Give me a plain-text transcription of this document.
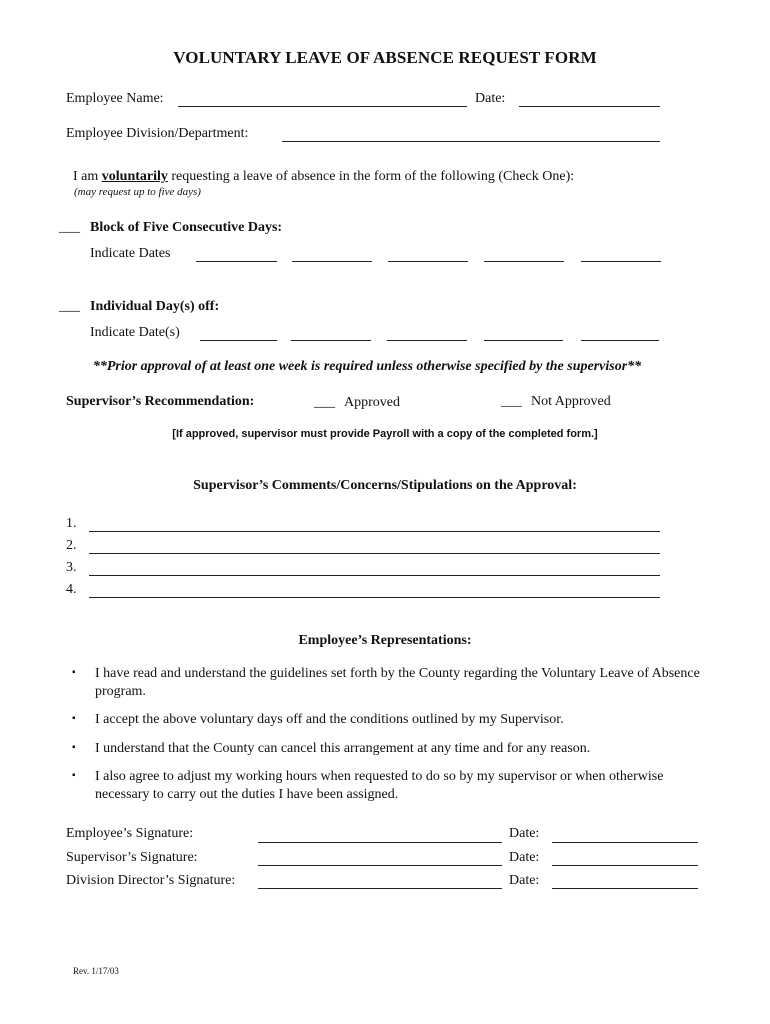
VOLUNTARY LEAVE OF ABSENCE REQUEST FORM
Employee Name:	Date:
Employee Division/Department:
I am voluntarily requesting a leave of absence in the form of the following (Check One):
(may request up to five days)
___ Block of Five Consecutive Days:
Indicate Dates
___ Individual Day(s) off:
Indicate Date(s)
**Prior approval of at least one week is required unless otherwise specified by the supervisor**
Supervisor’s Recommendation:	___ Approved	___ Not Approved
[If approved, supervisor must provide Payroll with a copy of the completed form.]
Supervisor’s Comments/Concerns/Stipulations on the Approval:
1.
2.
3.
4.
Employee’s Representations:
▪ I have read and understand the guidelines set forth by the County regarding the Voluntary Leave of Absence program.
▪ I accept the above voluntary days off and the conditions outlined by my Supervisor.
▪ I understand that the County can cancel this arrangement at any time and for any reason.
▪ I also agree to adjust my working hours when requested to do so by my supervisor or when otherwise necessary to carry out the duties I have been assigned.
Employee’s Signature:	Date:
Supervisor’s Signature:	Date:
Division Director’s Signature:	Date:
Rev. 1/17/03
